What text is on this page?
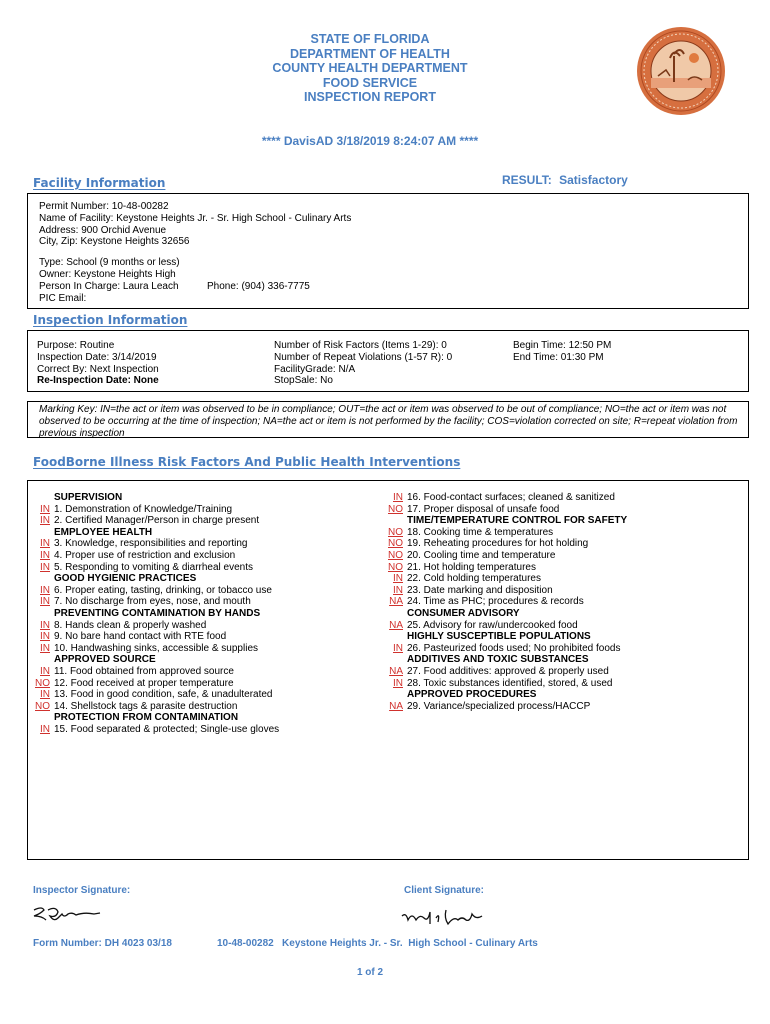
STATE OF FLORIDA
DEPARTMENT OF HEALTH
COUNTY HEALTH DEPARTMENT
FOOD SERVICE
INSPECTION REPORT
**** DavisAD 3/18/2019 8:24:07 AM ****
Facility Information	RESULT: Satisfactory
Permit Number: 10-48-00282
Name of Facility: Keystone Heights Jr. - Sr. High School - Culinary Arts
Address: 900 Orchid Avenue
City, Zip: Keystone Heights 32656
Type: School (9 months or less)
Owner: Keystone Heights High
Person In Charge: Laura Leach	Phone: (904) 336-7775
PIC Email:
Inspection Information
Purpose: Routine
Inspection Date: 3/14/2019
Correct By: Next Inspection
Re-Inspection Date: None
Number of Risk Factors (Items 1-29): 0
Number of Repeat Violations (1-57 R): 0
FacilityGrade: N/A
StopSale: No
Begin Time: 12:50 PM
End Time: 01:30 PM
Marking Key: IN=the act or item was observed to be in compliance; OUT=the act or item was observed to be out of compliance; NO=the act or item was not
observed to be occurring at the time of inspection; NA=the act or item is not performed by the facility; COS=violation corrected on site; R=repeat violation from
previous inspection
FoodBorne Illness Risk Factors And Public Health Interventions
SUPERVISION
IN 1. Demonstration of Knowledge/Training
IN 2. Certified Manager/Person in charge present
EMPLOYEE HEALTH
IN 3. Knowledge, responsibilities and reporting
IN 4. Proper use of restriction and exclusion
IN 5. Responding to vomiting & diarrheal events
GOOD HYGIENIC PRACTICES
IN 6. Proper eating, tasting, drinking, or tobacco use
IN 7. No discharge from eyes, nose, and mouth
PREVENTING CONTAMINATION BY HANDS
IN 8. Hands clean & properly washed
IN 9. No bare hand contact with RTE food
IN 10. Handwashing sinks, accessible & supplies
APPROVED SOURCE
IN 11. Food obtained from approved source
NO 12. Food received at proper temperature
IN 13. Food in good condition, safe, & unadulterated
NO 14. Shellstock tags & parasite destruction
PROTECTION FROM CONTAMINATION
IN 15. Food separated & protected; Single-use gloves
IN 16. Food-contact surfaces; cleaned & sanitized
NO 17. Proper disposal of unsafe food
TIME/TEMPERATURE CONTROL FOR SAFETY
NO 18. Cooking time & temperatures
NO 19. Reheating procedures for hot holding
NO 20. Cooling time and temperature
NO 21. Hot holding temperatures
IN 22. Cold holding temperatures
IN 23. Date marking and disposition
NA 24. Time as PHC; procedures & records
CONSUMER ADVISORY
NA 25. Advisory for raw/undercooked food
HIGHLY SUSCEPTIBLE POPULATIONS
IN 26. Pasteurized foods used; No prohibited foods
ADDITIVES AND TOXIC SUBSTANCES
NA 27. Food additives: approved & properly used
IN 28. Toxic substances identified, stored, & used
APPROVED PROCEDURES
NA 29. Variance/specialized process/HACCP
Inspector Signature:	Client Signature:
Form Number: DH 4023 03/18	10-48-00282   Keystone Heights Jr. - Sr.  High School - Culinary Arts
1 of 2
